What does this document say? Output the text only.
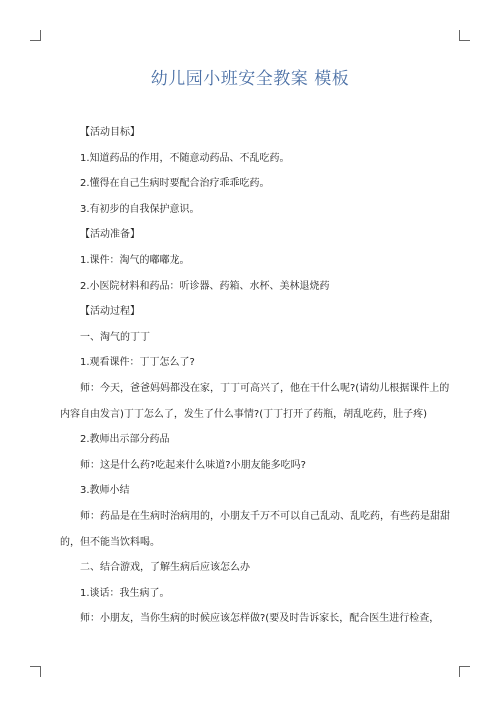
幼儿园小班安全教案 模板

【活动目标】

1.知道药品的作用，不随意动药品、不乱吃药。

2.懂得在自己生病时要配合治疗乖乖吃药。

3.有初步的自我保护意识。

【活动准备】

1.课件：淘气的嘟嘟龙。

2.小医院材料和药品：听诊器、药箱、水杯、美林退烧药

【活动过程】

一、淘气的丁丁

1.观看课件：丁丁怎么了?

师：今天，爸爸妈妈都没在家，丁丁可高兴了，他在干什么呢?(请幼儿根据课件上的内容自由发言)丁丁怎么了，发生了什么事情?(丁丁打开了药瓶，胡乱吃药，肚子疼)

2.教师出示部分药品

师：这是什么药?吃起来什么味道?小朋友能多吃吗?

3.教师小结

师：药品是在生病时治病用的，小朋友千万不可以自己乱动、乱吃药，有些药是甜甜的，但不能当饮料喝。

二、结合游戏，了解生病后应该怎么办

1.谈话：我生病了。

师：小朋友，当你生病的时候应该怎样做?(要及时告诉家长，配合医生进行检查，
